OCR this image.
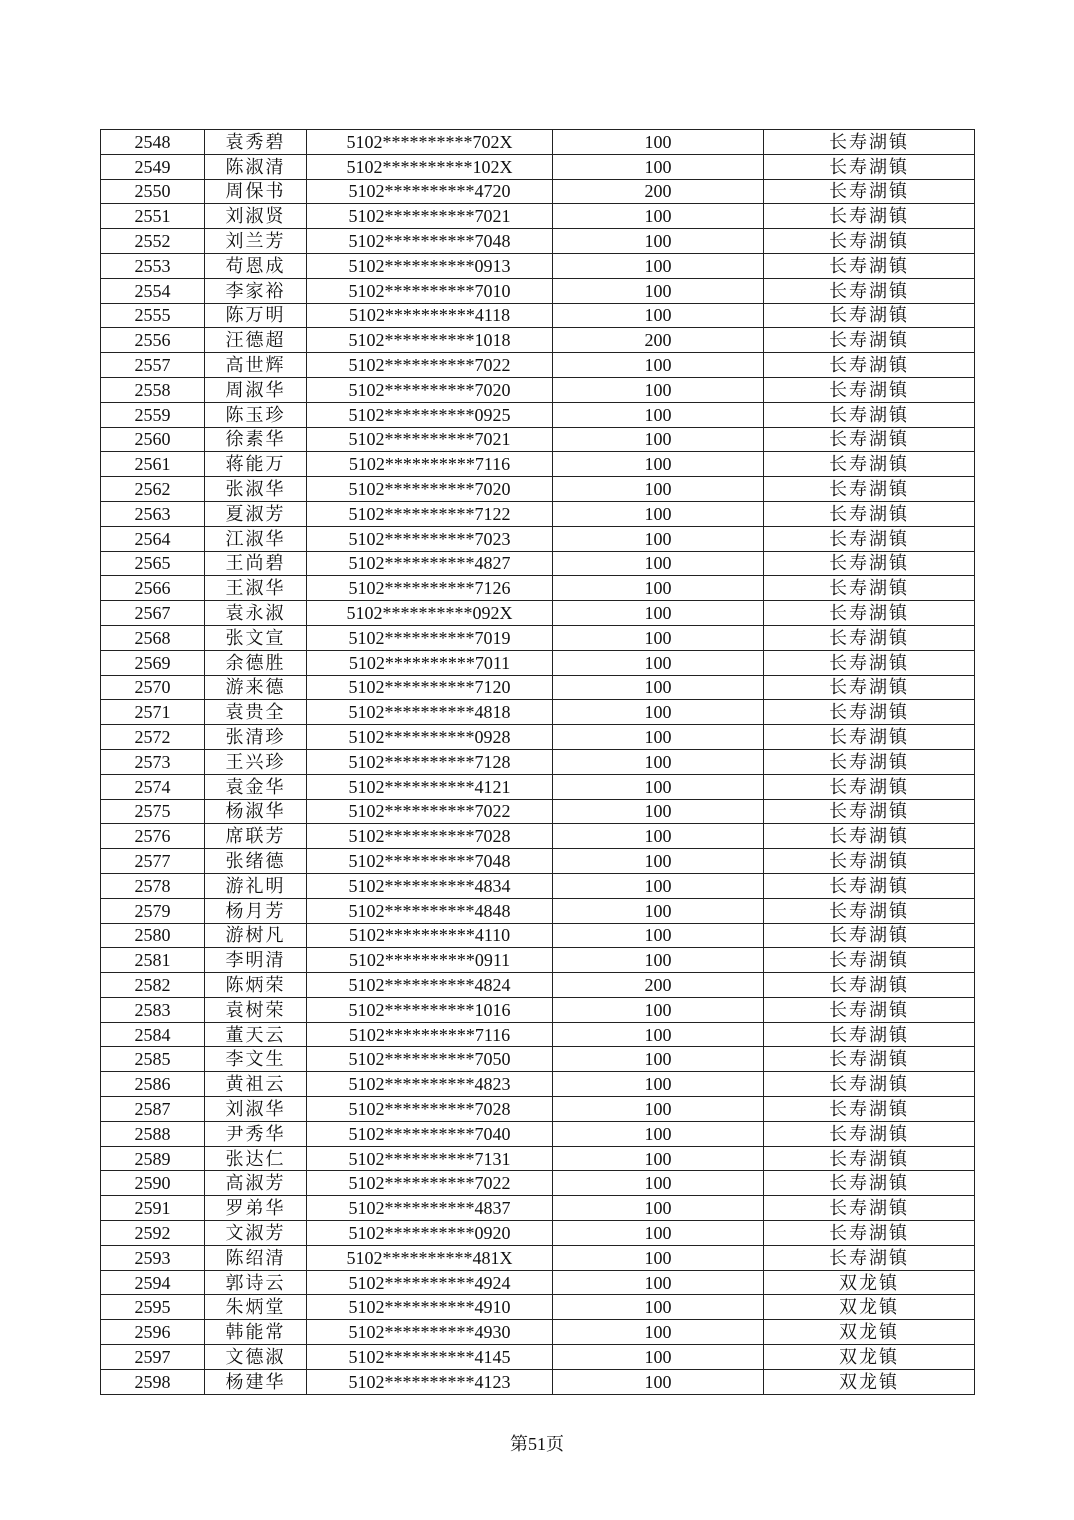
2548	袁秀碧	5102**********702X	100	长寿湖镇
2549	陈淑清	5102**********102X	100	长寿湖镇
2550	周保书	5102**********4720	200	长寿湖镇
2551	刘淑贤	5102**********7021	100	长寿湖镇
2552	刘兰芳	5102**********7048	100	长寿湖镇
2553	苟恩成	5102**********0913	100	长寿湖镇
2554	李家裕	5102**********7010	100	长寿湖镇
2555	陈万明	5102**********4118	100	长寿湖镇
2556	汪德超	5102**********1018	200	长寿湖镇
2557	高世辉	5102**********7022	100	长寿湖镇
2558	周淑华	5102**********7020	100	长寿湖镇
2559	陈玉珍	5102**********0925	100	长寿湖镇
2560	徐素华	5102**********7021	100	长寿湖镇
2561	蒋能万	5102**********7116	100	长寿湖镇
2562	张淑华	5102**********7020	100	长寿湖镇
2563	夏淑芳	5102**********7122	100	长寿湖镇
2564	江淑华	5102**********7023	100	长寿湖镇
2565	王尚碧	5102**********4827	100	长寿湖镇
2566	王淑华	5102**********7126	100	长寿湖镇
2567	袁永淑	5102**********092X	100	长寿湖镇
2568	张文宣	5102**********7019	100	长寿湖镇
2569	余德胜	5102**********7011	100	长寿湖镇
2570	游来德	5102**********7120	100	长寿湖镇
2571	袁贵全	5102**********4818	100	长寿湖镇
2572	张清珍	5102**********0928	100	长寿湖镇
2573	王兴珍	5102**********7128	100	长寿湖镇
2574	袁金华	5102**********4121	100	长寿湖镇
2575	杨淑华	5102**********7022	100	长寿湖镇
2576	席联芳	5102**********7028	100	长寿湖镇
2577	张绪德	5102**********7048	100	长寿湖镇
2578	游礼明	5102**********4834	100	长寿湖镇
2579	杨月芳	5102**********4848	100	长寿湖镇
2580	游树凡	5102**********4110	100	长寿湖镇
2581	李明清	5102**********0911	100	长寿湖镇
2582	陈炳荣	5102**********4824	200	长寿湖镇
2583	袁树荣	5102**********1016	100	长寿湖镇
2584	董天云	5102**********7116	100	长寿湖镇
2585	李文生	5102**********7050	100	长寿湖镇
2586	黄祖云	5102**********4823	100	长寿湖镇
2587	刘淑华	5102**********7028	100	长寿湖镇
2588	尹秀华	5102**********7040	100	长寿湖镇
2589	张达仁	5102**********7131	100	长寿湖镇
2590	高淑芳	5102**********7022	100	长寿湖镇
2591	罗弟华	5102**********4837	100	长寿湖镇
2592	文淑芳	5102**********0920	100	长寿湖镇
2593	陈绍清	5102**********481X	100	长寿湖镇
2594	郭诗云	5102**********4924	100	双龙镇
2595	朱炳堂	5102**********4910	100	双龙镇
2596	韩能常	5102**********4930	100	双龙镇
2597	文德淑	5102**********4145	100	双龙镇
2598	杨建华	5102**********4123	100	双龙镇
第51页
